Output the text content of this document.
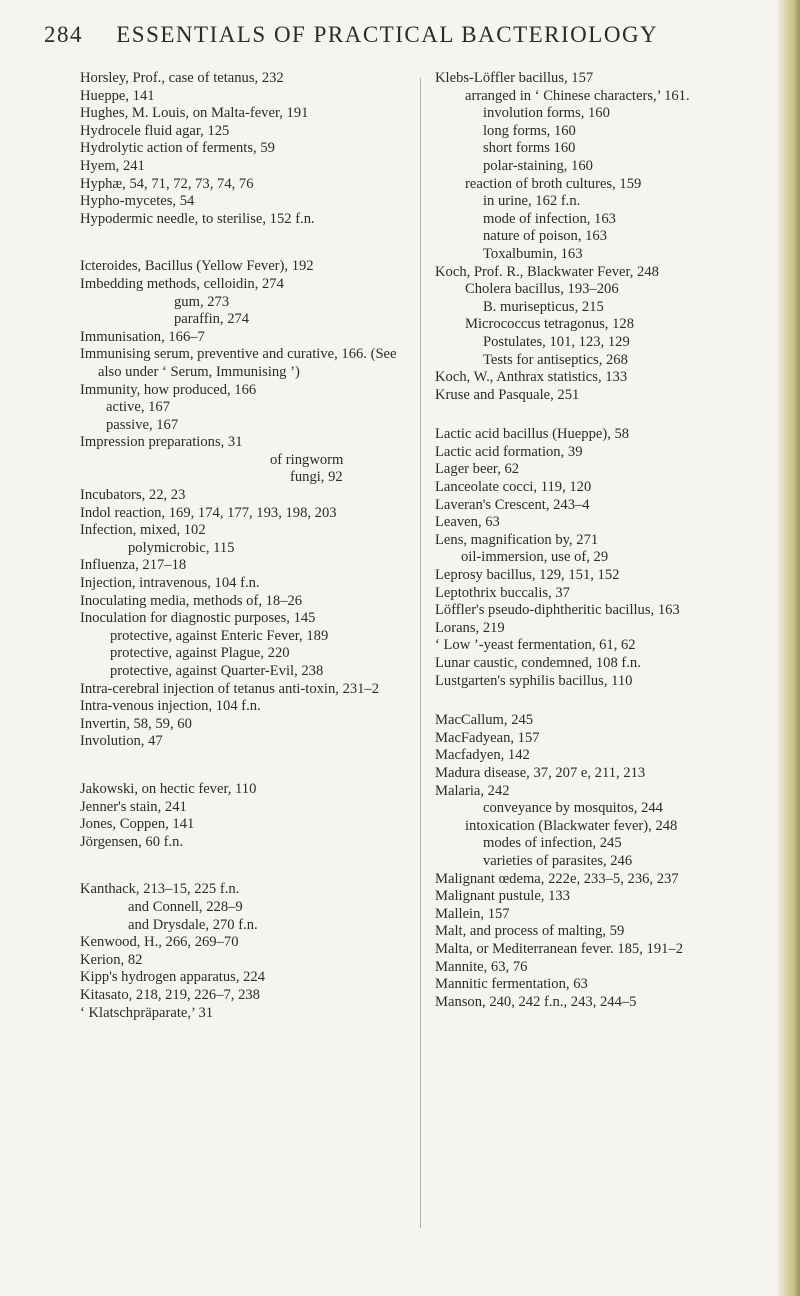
284 ESSENTIALS OF PRACTICAL BACTERIOLOGY
Horsley, Prof., case of tetanus, 232
Hueppe, 141
Hughes, M. Louis, on Malta-fever, 191
Hydrocele fluid agar, 125
Hydrolytic action of ferments, 59
Hyem, 241
Hyphæ, 54, 71, 72, 73, 74, 76
Hypho-mycetes, 54
Hypodermic needle, to sterilise, 152 f.n.
Icteroides, Bacillus (Yellow Fever), 192
Imbedding methods, celloidin, 274
gum, 273
paraffin, 274
Immunisation, 166–7
Immunising serum, preventive and curative, 166. (See also under ‘ Serum, Immunising ’)
Immunity, how produced, 166
active, 167
passive, 167
Impression preparations, 31
of ringworm
fungi, 92
Incubators, 22, 23
Indol reaction, 169, 174, 177, 193, 198, 203
Infection, mixed, 102
polymicrobic, 115
Influenza, 217–18
Injection, intravenous, 104 f.n.
Inoculating media, methods of, 18–26
Inoculation for diagnostic purposes, 145
protective, against Enteric Fever, 189
protective, against Plague, 220
protective, against Quarter-Evil, 238
Intra-cerebral injection of tetanus anti-toxin, 231–2
Intra-venous injection, 104 f.n.
Invertin, 58, 59, 60
Involution, 47
Jakowski, on hectic fever, 110
Jenner's stain, 241
Jones, Coppen, 141
Jörgensen, 60 f.n.
Kanthack, 213–15, 225 f.n.
and Connell, 228–9
and Drysdale, 270 f.n.
Kenwood, H., 266, 269–70
Kerion, 82
Kipp's hydrogen apparatus, 224
Kitasato, 218, 219, 226–7, 238
‘ Klatschpräparate,’ 31
Klebs-Löffler bacillus, 157
arranged in ‘ Chinese characters,’ 161.
involution forms, 160
long forms, 160
short forms 160
polar-staining, 160
reaction of broth cultures, 159
in urine, 162 f.n.
mode of infection, 163
nature of poison, 163
Toxalbumin, 163
Koch, Prof. R., Blackwater Fever, 248
Cholera bacillus, 193–206
B. murisepticus, 215
Micrococcus tetragonus, 128
Postulates, 101, 123, 129
Tests for antiseptics, 268
Koch, W., Anthrax statistics, 133
Kruse and Pasquale, 251
Lactic acid bacillus (Hueppe), 58
Lactic acid formation, 39
Lager beer, 62
Lanceolate cocci, 119, 120
Laveran's Crescent, 243–4
Leaven, 63
Lens, magnification by, 271
oil-immersion, use of, 29
Leprosy bacillus, 129, 151, 152
Leptothrix buccalis, 37
Löffler's pseudo-diphtheritic bacillus, 163
Lorans, 219
‘ Low ’-yeast fermentation, 61, 62
Lunar caustic, condemned, 108 f.n.
Lustgarten's syphilis bacillus, 110
MacCallum, 245
MacFadyean, 157
Macfadyen, 142
Madura disease, 37, 207 e, 211, 213
Malaria, 242
conveyance by mosquitos, 244
intoxication (Blackwater fever), 248
modes of infection, 245
varieties of parasites, 246
Malignant œdema, 222e, 233–5, 236, 237
Malignant pustule, 133
Mallein, 157
Malt, and process of malting, 59
Malta, or Mediterranean fever. 185, 191–2
Mannite, 63, 76
Mannitic fermentation, 63
Manson, 240, 242 f.n., 243, 244–5
